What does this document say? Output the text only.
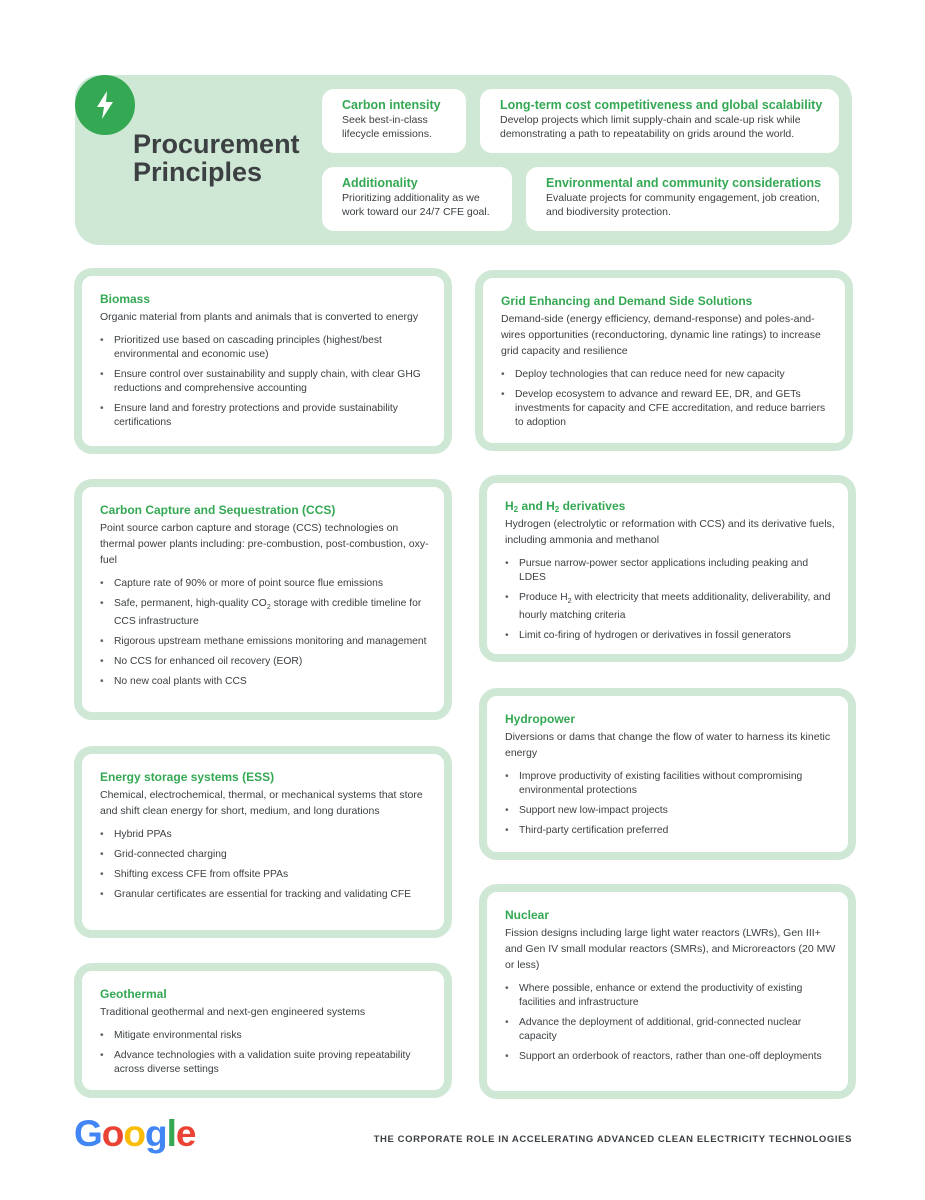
Procurement
Principles
Carbon intensity
Seek best-in-class lifecycle emissions.
Long-term cost competitiveness and global scalability
Develop projects which limit supply-chain and scale-up risk while demonstrating a path to repeatability on grids around the world.
Additionality
Prioritizing additionality as we work toward our 24/7 CFE goal.
Environmental and community considerations
Evaluate projects for community engagement, job creation, and biodiversity protection.
Biomass
Organic material from plants and animals that is converted to energy
• Prioritized use based on cascading principles (highest/best environmental and economic use)
• Ensure control over sustainability and supply chain, with clear GHG reductions and comprehensive accounting
• Ensure land and forestry protections and provide sustainability certifications
Carbon Capture and Sequestration (CCS)
Point source carbon capture and storage (CCS) technologies on thermal power plants including: pre-combustion, post-combustion, oxy-fuel
• Capture rate of 90% or more of point source flue emissions
• Safe, permanent, high-quality $CO_2$ storage with credible timeline for CCS infrastructure
• Rigorous upstream methane emissions monitoring and management
• No CCS for enhanced oil recovery (EOR)
• No new coal plants with CCS
Energy storage systems (ESS)
Chemical, electrochemical, thermal, or mechanical systems that store and shift clean energy for short, medium, and long durations
• Hybrid PPAs
• Grid-connected charging
• Shifting excess CFE from offsite PPAs
• Granular certificates are essential for tracking and validating CFE
Geothermal
Traditional geothermal and next-gen engineered systems
• Mitigate environmental risks
• Advance technologies with a validation suite proving repeatability across diverse settings
Grid Enhancing and Demand Side Solutions
Demand-side (energy efficiency, demand-response) and poles-and-wires opportunities (reconductoring, dynamic line ratings) to increase grid capacity and resilience
• Deploy technologies that can reduce need for new capacity
• Develop ecosystem to advance and reward EE, DR, and GETs investments for capacity and CFE accreditation, and reduce barriers to adoption
$H_2$ and $H_2$ derivatives
Hydrogen (electrolytic or reformation with CCS) and its derivative fuels, including ammonia and methanol
• Pursue narrow-power sector applications including peaking and LDES
• Produce $H_2$ with electricity that meets additionality, deliverability, and hourly matching criteria
• Limit co-firing of hydrogen or derivatives in fossil generators
Hydropower
Diversions or dams that change the flow of water to harness its kinetic energy
• Improve productivity of existing facilities without compromising environmental protections
• Support new low-impact projects
• Third-party certification preferred
Nuclear
Fission designs including large light water reactors (LWRs), Gen III+ and Gen IV small modular reactors (SMRs), and Microreactors (20 MW or less)
• Where possible, enhance or extend the productivity of existing facilities and infrastructure
• Advance the deployment of additional, grid-connected nuclear capacity
• Support an orderbook of reactors, rather than one-off deployments
Google	THE CORPORATE ROLE IN ACCELERATING ADVANCED CLEAN ELECTRICITY TECHNOLOGIES
